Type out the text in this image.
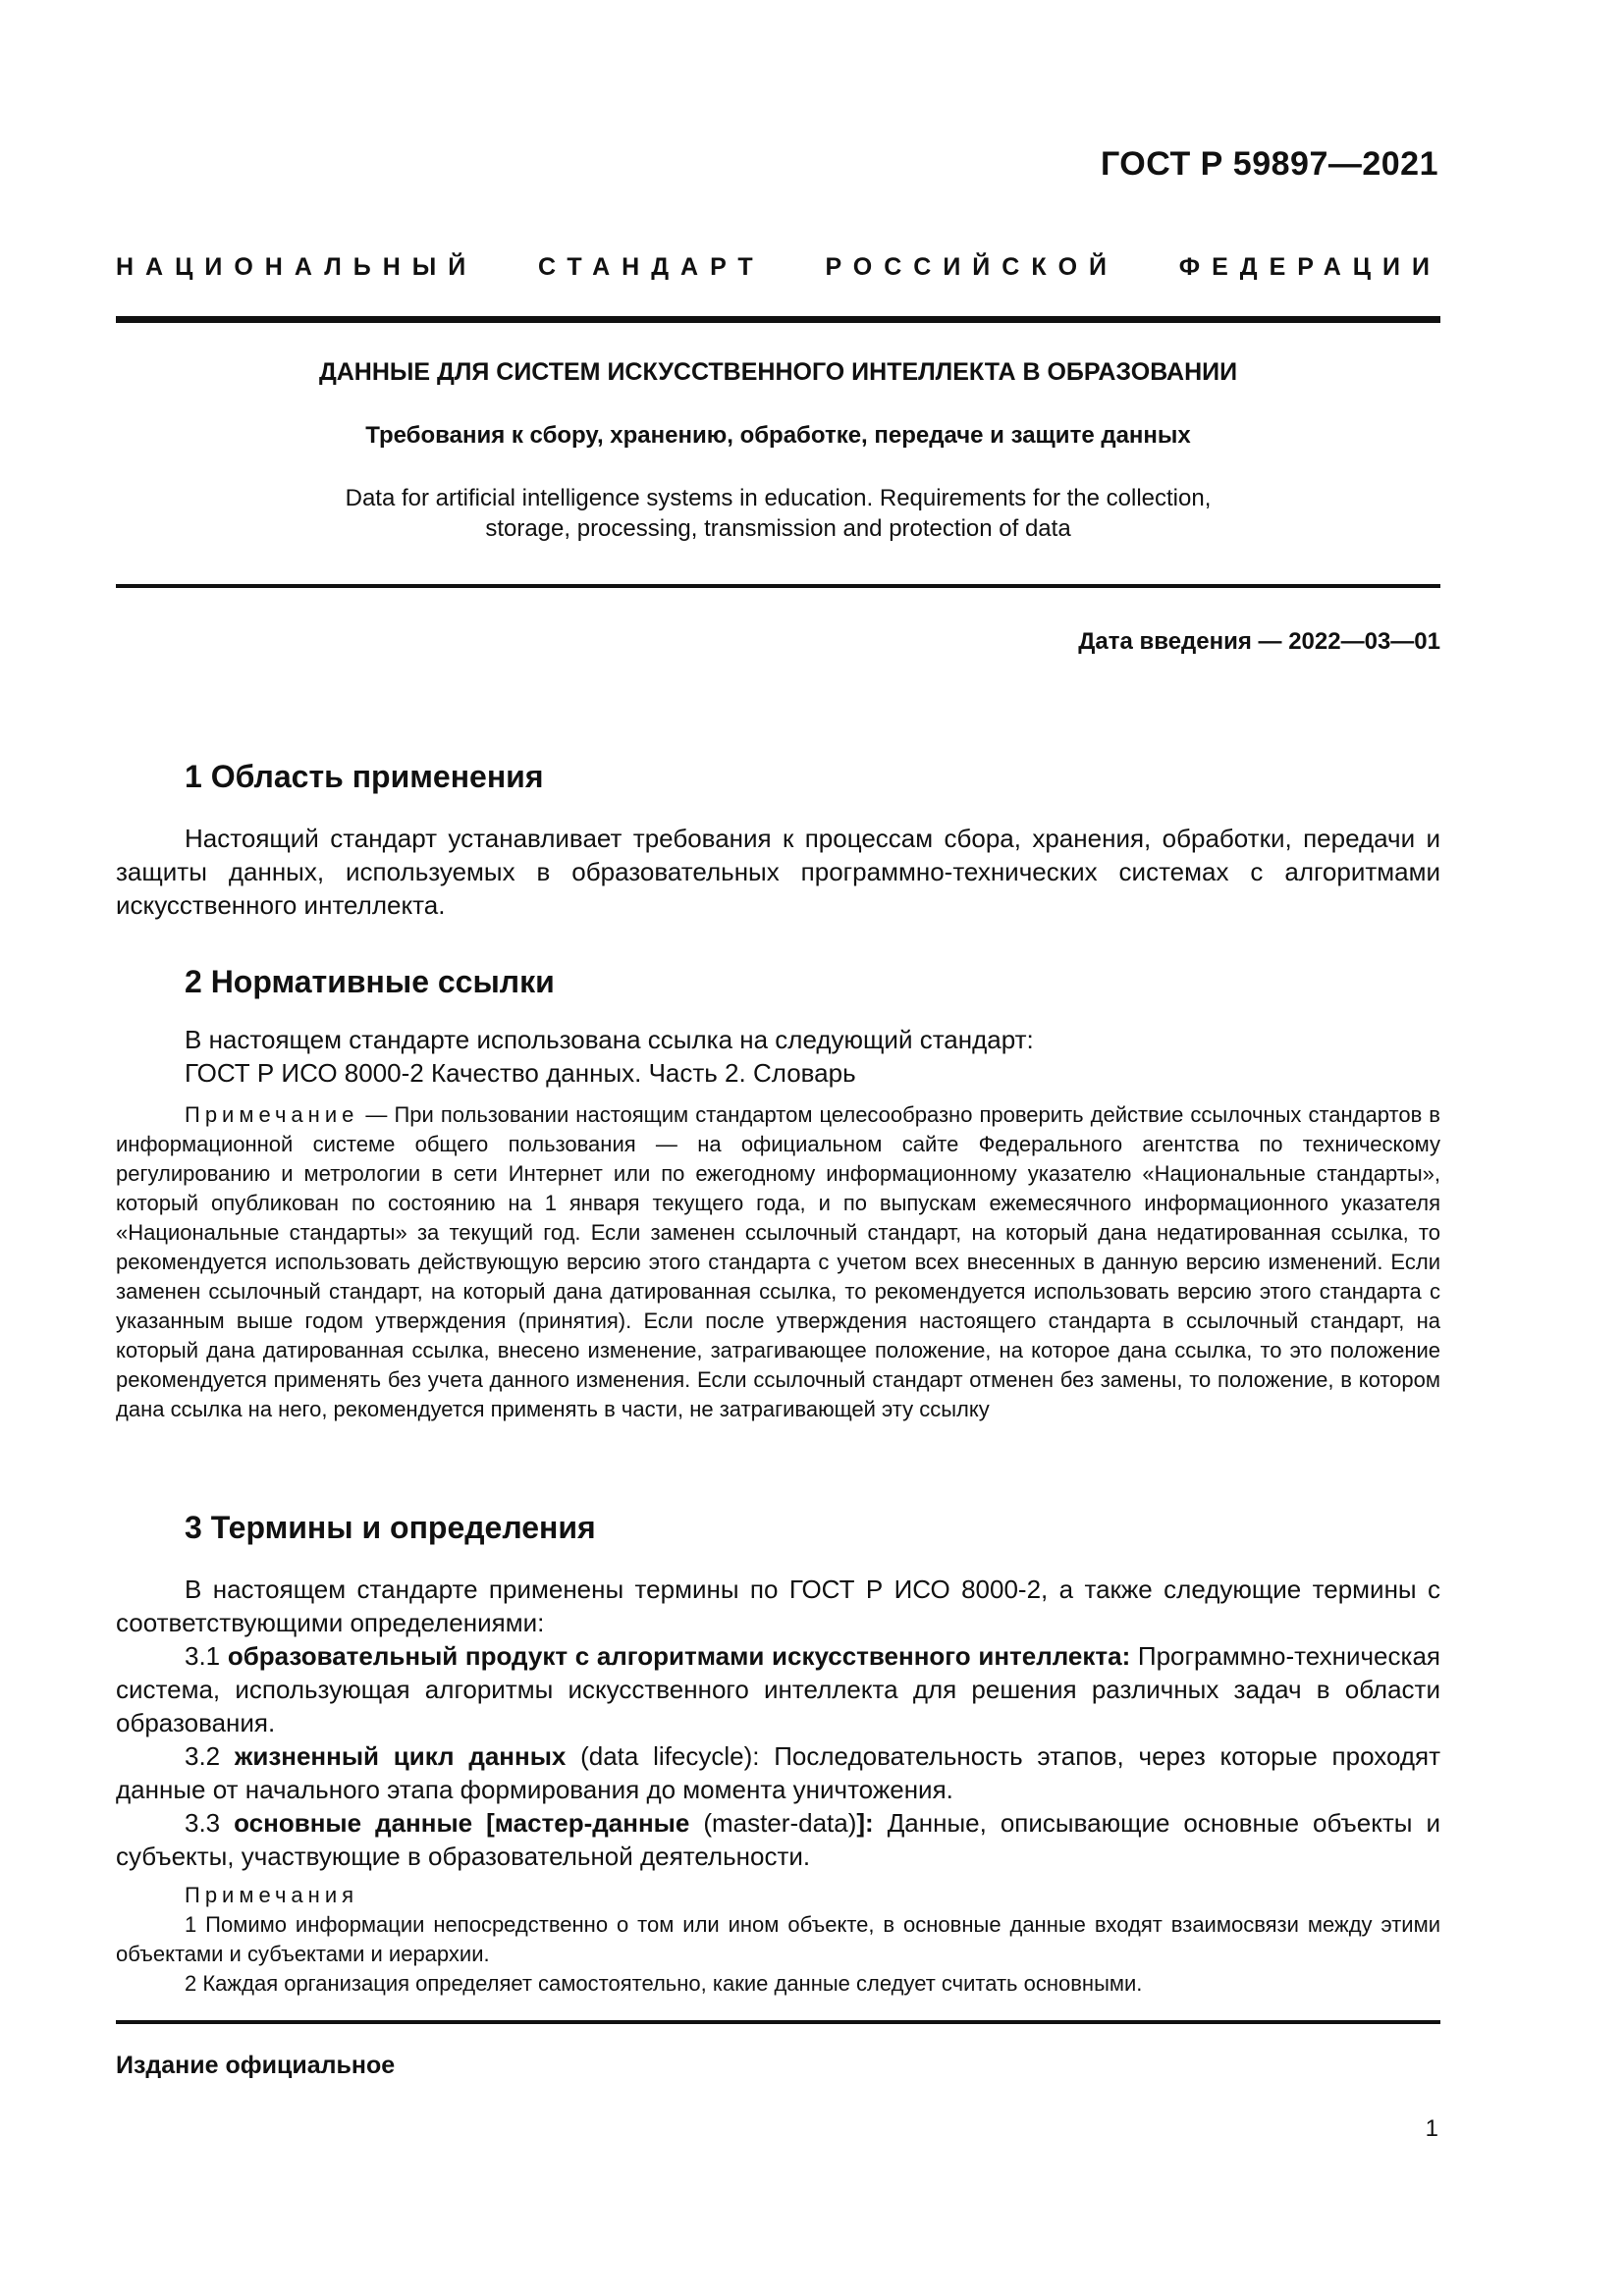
ГОСТ Р 59897—2021
НАЦИОНАЛЬНЫЙ СТАНДАРТ РОССИЙСКОЙ ФЕДЕРАЦИИ
ДАННЫЕ ДЛЯ СИСТЕМ ИСКУССТВЕННОГО ИНТЕЛЛЕКТА В ОБРАЗОВАНИИ
Требования к сбору, хранению, обработке, передаче и защите данных
Data for artificial intelligence systems in education. Requirements for the collection,
storage, processing, transmission and protection of data
Дата введения — 2022—03—01
1 Область применения
Настоящий стандарт устанавливает требования к процессам сбора, хранения, обработки, передачи и защиты данных, используемых в образовательных программно-технических системах с алгоритмами искусственного интеллекта.
2 Нормативные ссылки
В настоящем стандарте использована ссылка на следующий стандарт:
ГОСТ Р ИСО 8000-2 Качество данных. Часть 2. Словарь
Примечание — При пользовании настоящим стандартом целесообразно проверить действие ссылочных стандартов в информационной системе общего пользования — на официальном сайте Федерального агентства по техническому регулированию и метрологии в сети Интернет или по ежегодному информационному указателю «Национальные стандарты», который опубликован по состоянию на 1 января текущего года, и по выпускам ежемесячного информационного указателя «Национальные стандарты» за текущий год. Если заменен ссылочный стандарт, на который дана недатированная ссылка, то рекомендуется использовать действующую версию этого стандарта с учетом всех внесенных в данную версию изменений. Если заменен ссылочный стандарт, на который дана датированная ссылка, то рекомендуется использовать версию этого стандарта с указанным выше годом утверждения (принятия). Если после утверждения настоящего стандарта в ссылочный стандарт, на который дана датированная ссылка, внесено изменение, затрагивающее положение, на которое дана ссылка, то это положение рекомендуется применять без учета данного изменения. Если ссылочный стандарт отменен без замены, то положение, в котором дана ссылка на него, рекомендуется применять в части, не затрагивающей эту ссылку
3 Термины и определения
В настоящем стандарте применены термины по ГОСТ Р ИСО 8000-2, а также следующие термины с соответствующими определениями:
3.1 образовательный продукт с алгоритмами искусственного интеллекта: Программно-техническая система, использующая алгоритмы искусственного интеллекта для решения различных задач в области образования.
3.2 жизненный цикл данных (data lifecycle): Последовательность этапов, через которые проходят данные от начального этапа формирования до момента уничтожения.
3.3 основные данные [мастер-данные (master-data)]: Данные, описывающие основные объекты и субъекты, участвующие в образовательной деятельности.
Примечания
1 Помимо информации непосредственно о том или ином объекте, в основные данные входят взаимосвязи между этими объектами и субъектами и иерархии.
2 Каждая организация определяет самостоятельно, какие данные следует считать основными.
Издание официальное
1
